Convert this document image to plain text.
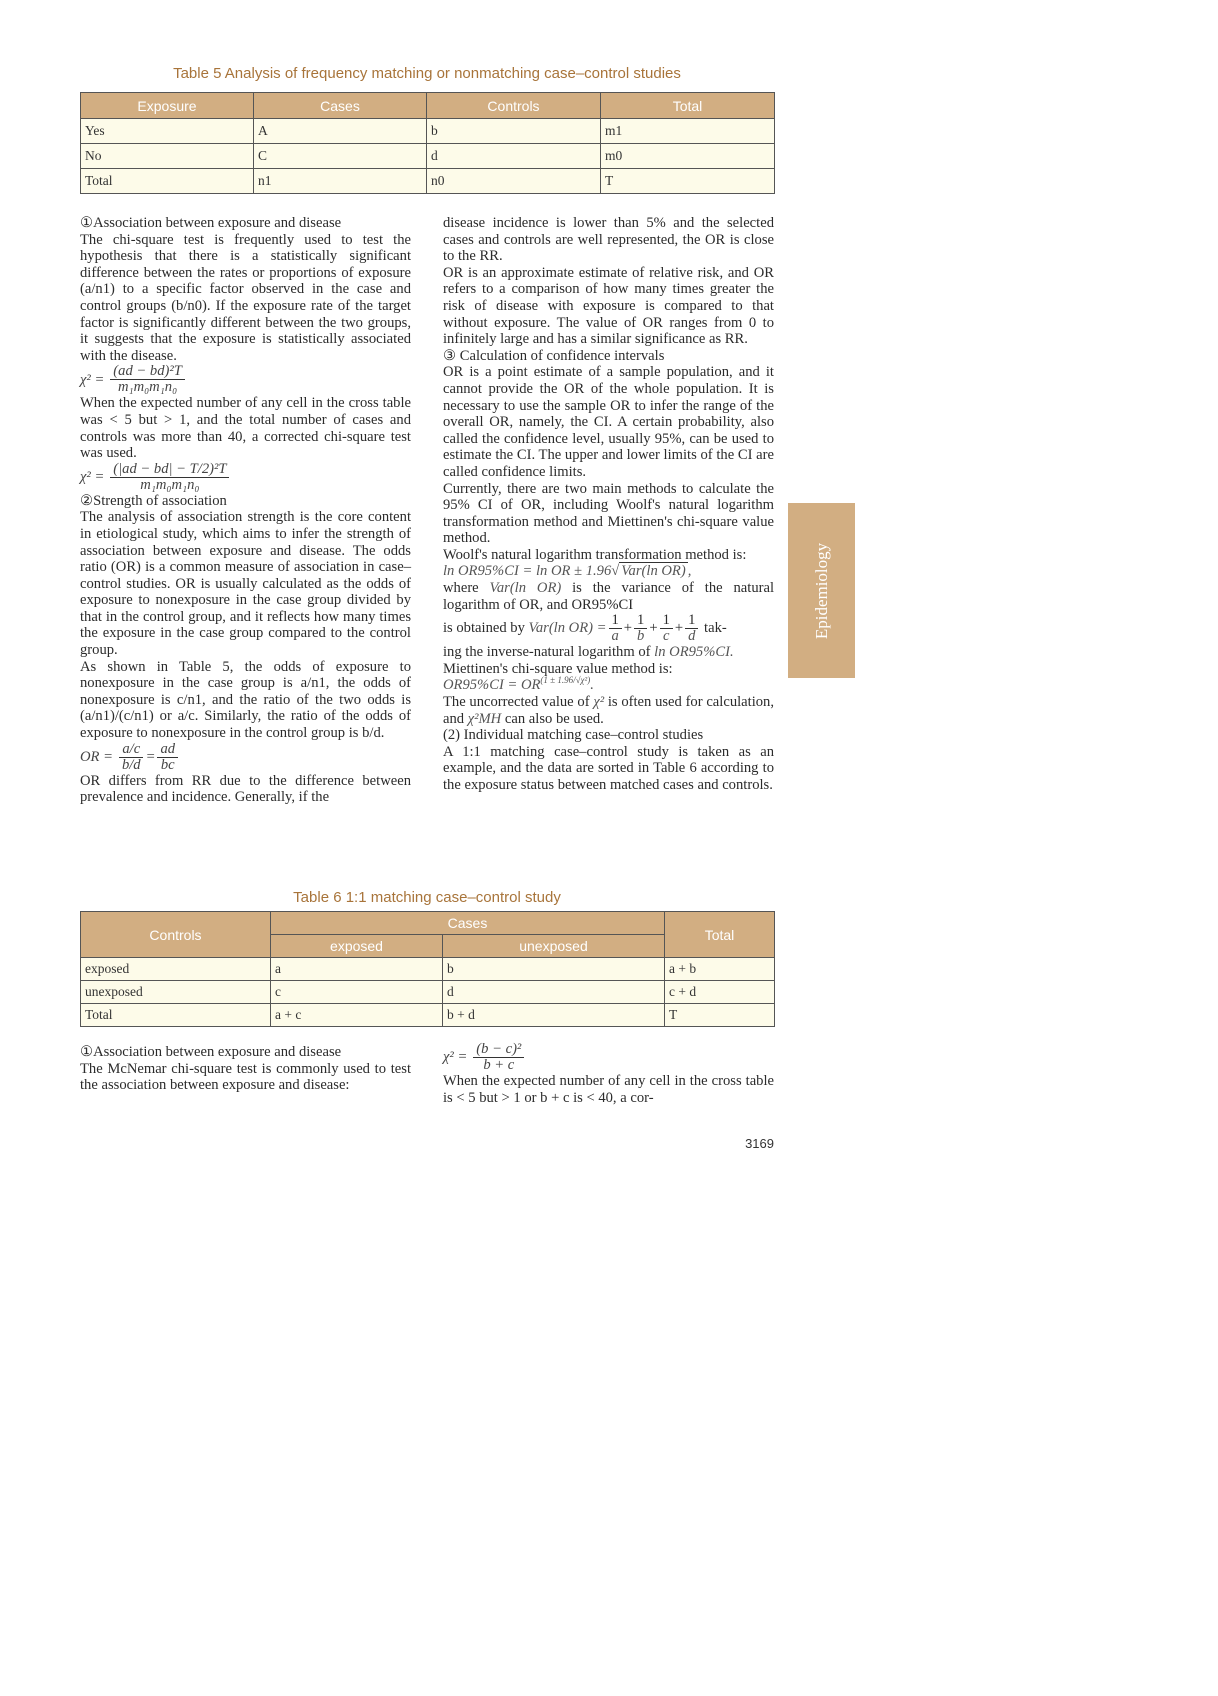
Table 5 Analysis of frequency matching or nonmatching case–control studies
Exposure	Cases	Controls	Total
Yes	A	b	m1
No	C	d	m0
Total	n1	n0	T

①Association between exposure and disease

The chi-square test is frequently used to test the hypothesis that there is a statistically significant difference between the rates or proportions of exposure (a/n1) to a specific factor observed in the case and control groups (b/n0). If the exposure rate of the target factor is significantly different between the two groups, it suggests that the exposure is statistically associated with the disease.

$\chi^2 = \frac{\text{(ad − bd)²T}}{\text{m₁m₀m₁n₀}}$

When the expected number of any cell in the cross table was < 5 but > 1, and the total number of cases and controls was more than 40, a corrected chi-square test was used.

$\chi^2 = \frac{\text{(|ad − bd| − T/2)²T}}{\text{m₁m₀m₁n₀}}$

②Strength of association

The analysis of association strength is the core content in etiological study, which aims to infer the strength of association between exposure and disease. The odds ratio (OR) is a common measure of association in case–control studies. OR is usually calculated as the odds of exposure to nonexposure in the case group divided by that in the control group, and it reflects how many times the exposure in the case group compared to the control group.

As shown in Table 5, the odds of exposure to nonexposure in the case group is a/n1, the odds of nonexposure is c/n1, and the ratio of the two odds is (a/n1)/(c/n1) or a/c. Similarly, the ratio of the odds of exposure to nonexposure in the control group is b/d.

OR = $\frac{a/c}{b/d} = \frac{ad}{bc}$

OR differs from RR due to the difference between prevalence and incidence. Generally, if the

disease incidence is lower than 5% and the selected cases and controls are well represented, the OR is close to the RR.

OR is an approximate estimate of relative risk, and OR refers to a comparison of how many times greater the risk of disease with exposure is compared to that without exposure. The value of OR ranges from 0 to infinitely large and has a similar significance as RR.

③ Calculation of confidence intervals

OR is a point estimate of a sample population, and it cannot provide the OR of the whole population. It is necessary to use the sample OR to infer the range of the overall OR, namely, the CI. A certain probability, also called the confidence level, usually 95%, can be used to estimate the CI. The upper and lower limits of the CI are called confidence limits.

Currently, there are two main methods to calculate the 95% CI of OR, including Woolf's natural logarithm transformation method and Miettinen's chi-square value method.

Woolf's natural logarithm transformation method is:

ln OR95%CI = ln OR ± 1.96√ Var(ln OR) ,

where Var(ln OR) is the variance of the natural logarithm of OR, and OR95%CI

is obtained by
Var(ln $OR) = \frac{1}{a} + \frac{1}{b} + \frac{1}{c} + \frac{1}{d}$
tak-

ing the inverse-natural logarithm of ln OR95%CI.

Miettinen's chi-square value method is:

$OR95\%CI = OR^{(1 \pm 1.96/√\chi^2)}$.

The uncorrected value of χ² is often used for calculation, and χ²MH can also be used.

(2) Individual matching case–control studies

A 1:1 matching case–control study is taken as an example, and the data are sorted in Table 6 according to the exposure status between matched cases and controls.

Epidemiology
Table 6 1:1 matching case–control study
Controls	Cases		Total
	exposed	unexposed	
exposed	a	b	a + b
unexposed	c	d	c + d
Total	a + c	b + d	T

①Association between exposure and disease

The McNemar chi-square test is commonly used to test the association between exposure and disease:

$\chi^2 = \frac{\text{(b − c)²}}{b + c}$

When the expected number of any cell in the cross table is < 5 but > 1 or b + c is < 40, a cor-

3169
